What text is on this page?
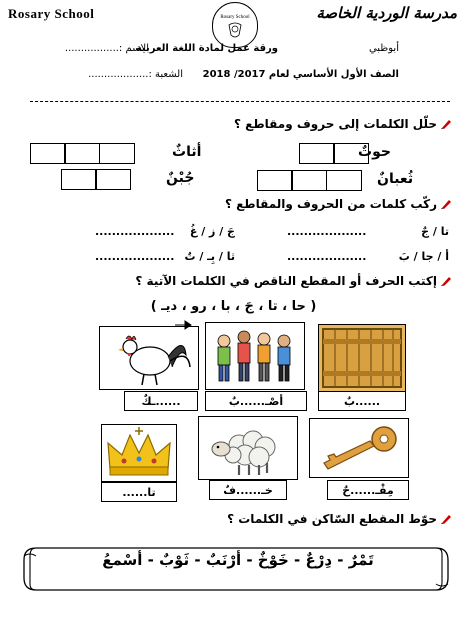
Rosary School	Rosary School	مدرسة الوردية الخاصة
أبوظبي
ورقة عمل لمادة اللغة العربية
الاسم :.................
الصف الأول الأساسي لعام 2017/ 2018
الشعبة :...................
حلّل الكلمات إلى حروف ومقاطع ؟
حوتٌ
أثاثٌ
ثُعبانٌ
جُبْنٌ
ركّب كلمات من الحروف والمقاطع ؟
تا / جٌ
...................
جَ / ز / غُ
...................
أ / جا / بَ
...................
ثا / بِـ / تٌ
...................
إكتب الحرف أو المقطع الناقص في الكلمات الآتية ؟
( حا ، تا ، جَ ، با ، رو ، ديـ )
......بٌ
أصْـ......بٌ
......ـكٌ
مِفْـ......حٌ
خـ......فٌ
تا......
حوّط المقطع السّاكن في الكلمات ؟
تَمْرٌ - دِرْعٌ - خَوْخٌ - أرْنَبٌ - ثَوْبٌ - أسْمعُ
